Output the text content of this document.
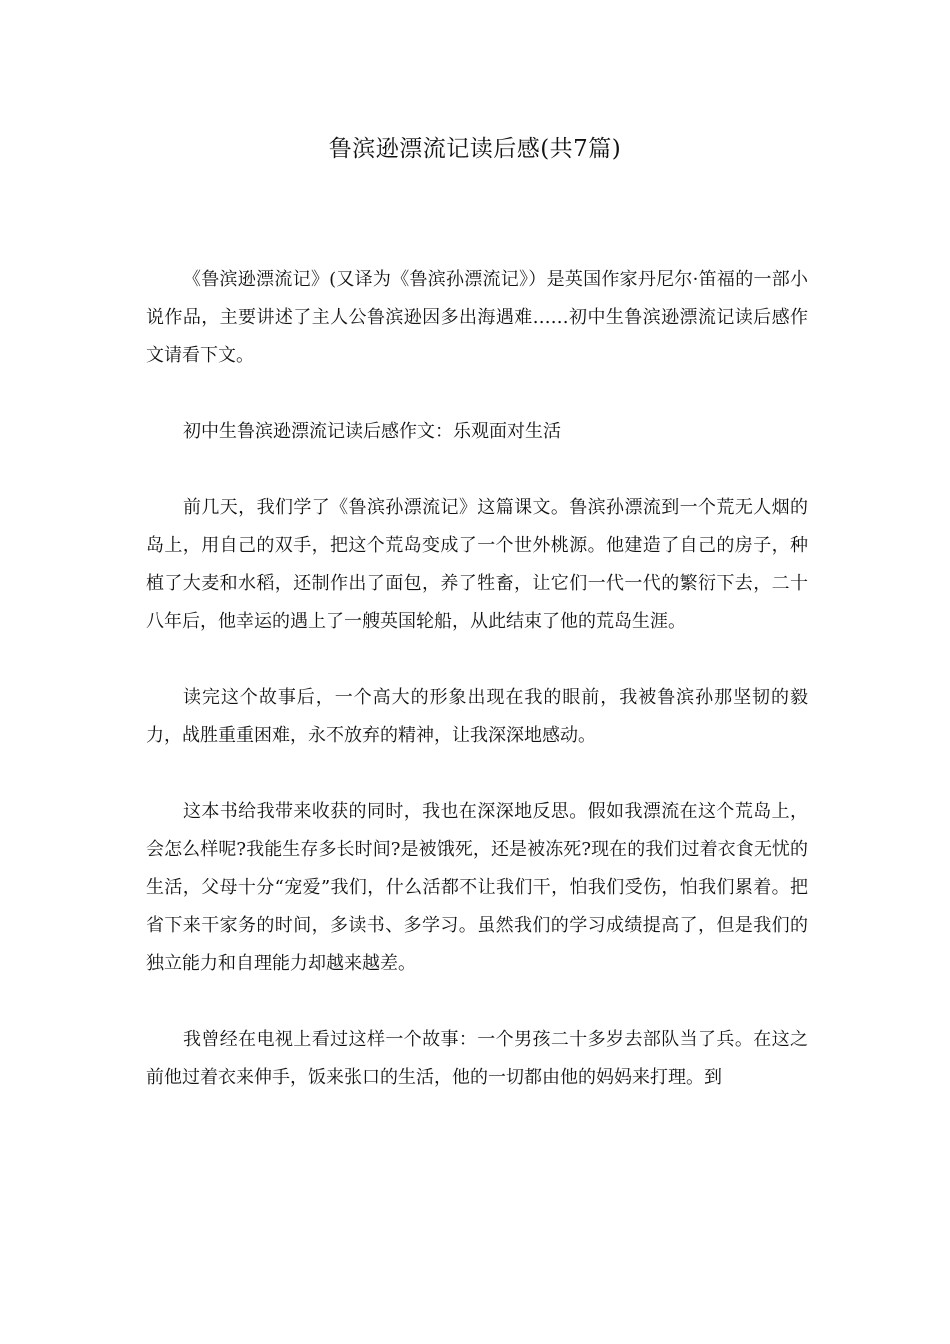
鲁滨逊漂流记读后感(共7篇)

《鲁滨逊漂流记》(又译为《鲁滨孙漂流记》）是英国作家丹尼尔·笛福的一部小说作品，主要讲述了主人公鲁滨逊因多出海遇难……初中生鲁滨逊漂流记读后感作文请看下文。

初中生鲁滨逊漂流记读后感作文：乐观面对生活

前几天，我们学了《鲁滨孙漂流记》这篇课文。鲁滨孙漂流到一个荒无人烟的岛上，用自己的双手，把这个荒岛变成了一个世外桃源。他建造了自己的房子，种植了大麦和水稻，还制作出了面包，养了牲畜，让它们一代一代的繁衍下去，二十八年后，他幸运的遇上了一艘英国轮船，从此结束了他的荒岛生涯。

读完这个故事后，一个高大的形象出现在我的眼前，我被鲁滨孙那坚韧的毅力，战胜重重困难，永不放弃的精神，让我深深地感动。

这本书给我带来收获的同时，我也在深深地反思。假如我漂流在这个荒岛上，会怎么样呢?我能生存多长时间?是被饿死，还是被冻死?现在的我们过着衣食无忧的生活，父母十分“宠爱”我们，什么活都不让我们干，怕我们受伤，怕我们累着。把省下来干家务的时间，多读书、多学习。虽然我们的学习成绩提高了，但是我们的独立能力和自理能力却越来越差。

我曾经在电视上看过这样一个故事：一个男孩二十多岁去部队当了兵。在这之前他过着衣来伸手，饭来张口的生活，他的一切都由他的妈妈来打理。到
